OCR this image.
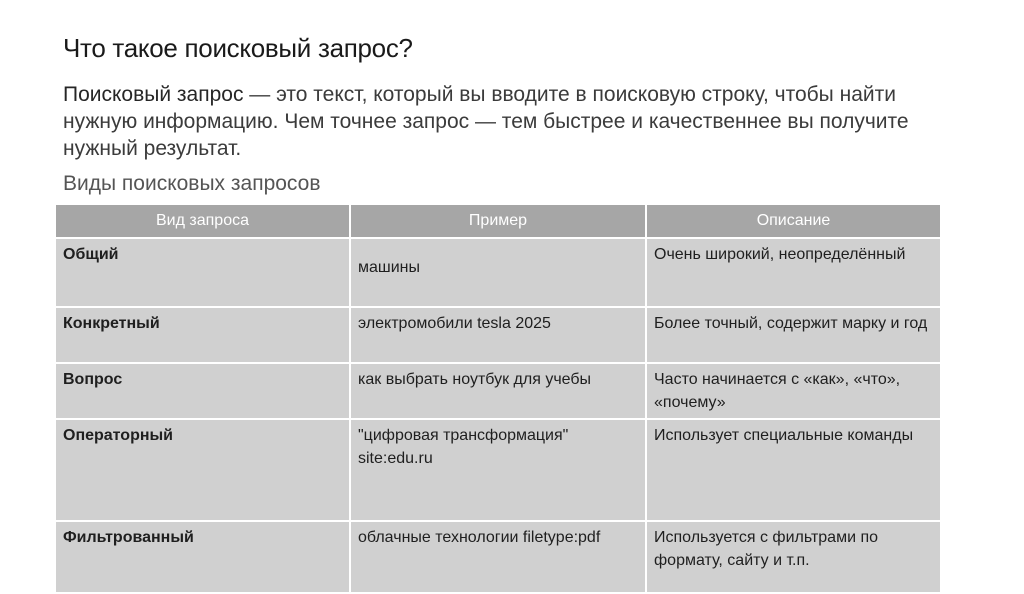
Что такое поисковый запрос?
Поисковый запрос — это текст, который вы вводите в поисковую строку, чтобы найти нужную информацию. Чем точнее запрос — тем быстрее и качественнее вы получите нужный результат.
Виды поисковых запросов
Вид запроса	Пример	Описание
Общий	машины	Очень широкий, неопределённый
Конкретный	электромобили tesla 2025	Более точный, содержит марку и год
Вопрос	как выбрать ноутбук для учебы	Часто начинается с «как», «что», «почему»
Операторный	"цифровая трансформация" site:edu.ru	Использует специальные команды
Фильтрованный	облачные технологии filetype:pdf	Используется с фильтрами по формату, сайту и т.п.
